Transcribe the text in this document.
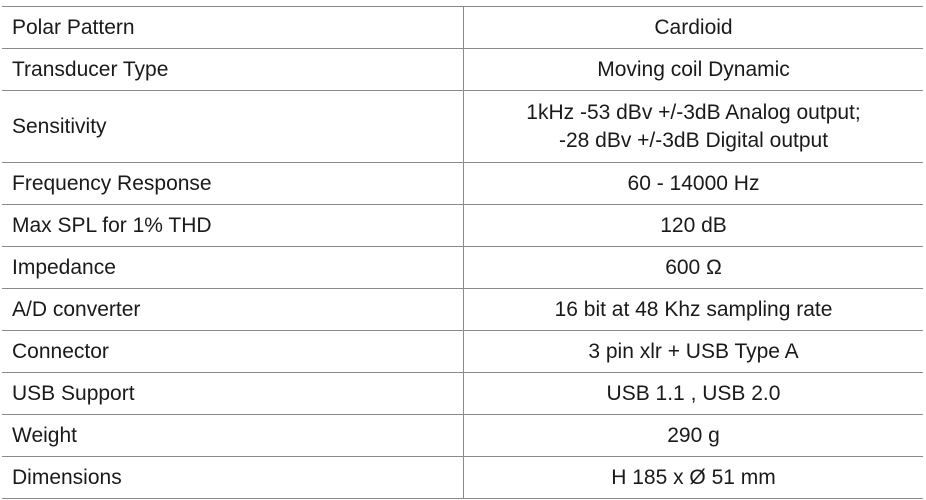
Polar Pattern	Cardioid

Transducer Type	Moving coil Dynamic

Sensitivity	1kHz -53 dBv +/-3dB Analog output;
-28 dBv +/-3dB Digital output

Frequency Response	60 - 14000 Hz

Max SPL for 1% THD	120 dB

Impedance	600 Ω

A/D converter	16 bit at 48 Khz sampling rate

Connector	3 pin xlr + USB Type A

USB Support	USB 1.1 , USB 2.0

Weight	290 g

Dimensions	H 185 x Ø 51 mm
